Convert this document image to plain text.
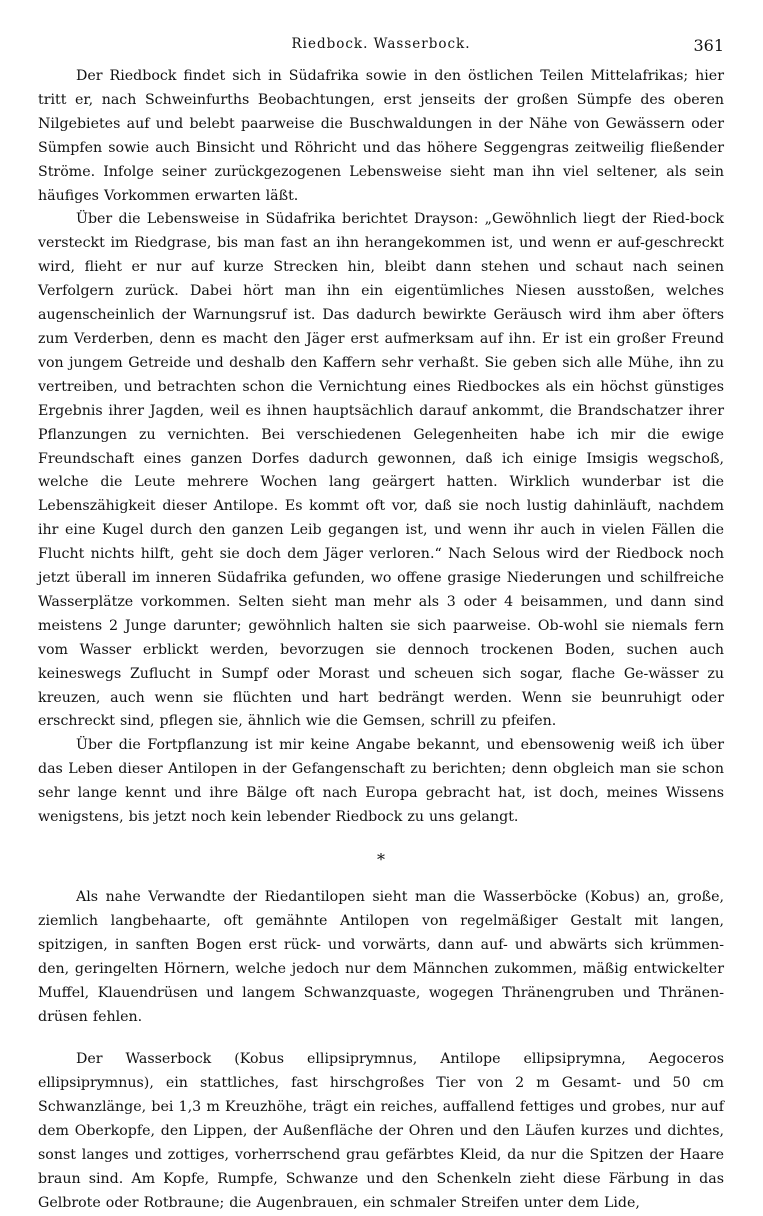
Riedbock. Wasserbock.	361

Der Riedbock findet sich in Südafrika sowie in den östlichen Teilen Mittelafrikas; hier tritt er, nach Schweinfurths Beobachtungen, erst jenseits der großen Sümpfe des oberen Nilgebietes auf und belebt paarweise die Buschwaldungen in der Nähe von Gewässern oder Sümpfen sowie auch Binsicht und Röhricht und das höhere Seggengras zeitweilig fließender Ströme. Infolge seiner zurückgezogenen Lebensweise sieht man ihn viel seltener, als sein häufiges Vorkommen erwarten läßt.

Über die Lebensweise in Südafrika berichtet Drayson: „Gewöhnlich liegt der Ried-bock versteckt im Riedgrase, bis man fast an ihn herangekommen ist, und wenn er auf-geschreckt wird, flieht er nur auf kurze Strecken hin, bleibt dann stehen und schaut nach seinen Verfolgern zurück. Dabei hört man ihn ein eigentümliches Niesen ausstoßen, welches augenscheinlich der Warnungsruf ist. Das dadurch bewirkte Geräusch wird ihm aber öfters zum Verderben, denn es macht den Jäger erst aufmerksam auf ihn. Er ist ein großer Freund von jungem Getreide und deshalb den Kaffern sehr verhaßt. Sie geben sich alle Mühe, ihn zu vertreiben, und betrachten schon die Vernichtung eines Riedbockes als ein höchst günstiges Ergebnis ihrer Jagden, weil es ihnen hauptsächlich darauf ankommt, die Brandschatzer ihrer Pflanzungen zu vernichten. Bei verschiedenen Gelegenheiten habe ich mir die ewige Freundschaft eines ganzen Dorfes dadurch gewonnen, daß ich einige Imsigis wegschoß, welche die Leute mehrere Wochen lang geärgert hatten. Wirklich wunderbar ist die Lebenszähigkeit dieser Antilope. Es kommt oft vor, daß sie noch lustig dahinläuft, nachdem ihr eine Kugel durch den ganzen Leib gegangen ist, und wenn ihr auch in vielen Fällen die Flucht nichts hilft, geht sie doch dem Jäger verloren.“ Nach Selous wird der Riedbock noch jetzt überall im inneren Südafrika gefunden, wo offene grasige Niederungen und schilfreiche Wasserplätze vorkommen. Selten sieht man mehr als 3 oder 4 beisammen, und dann sind meistens 2 Junge darunter; gewöhnlich halten sie sich paarweise. Ob-wohl sie niemals fern vom Wasser erblickt werden, bevorzugen sie dennoch trockenen Boden, suchen auch keineswegs Zuflucht in Sumpf oder Morast und scheuen sich sogar, flache Ge-wässer zu kreuzen, auch wenn sie flüchten und hart bedrängt werden. Wenn sie beunruhigt oder erschreckt sind, pflegen sie, ähnlich wie die Gemsen, schrill zu pfeifen.

Über die Fortpflanzung ist mir keine Angabe bekannt, und ebensowenig weiß ich über das Leben dieser Antilopen in der Gefangenschaft zu berichten; denn obgleich man sie schon sehr lange kennt und ihre Bälge oft nach Europa gebracht hat, ist doch, meines Wissens wenigstens, bis jetzt noch kein lebender Riedbock zu uns gelangt.

*

Als nahe Verwandte der Riedantilopen sieht man die Wasserböcke (Kobus) an, große, ziemlich langbehaarte, oft gemähnte Antilopen von regelmäßiger Gestalt mit langen, spitzigen, in sanften Bogen erst rück- und vorwärts, dann auf- und abwärts sich krümmen-den, geringelten Hörnern, welche jedoch nur dem Männchen zukommen, mäßig entwickelter Muffel, Klauendrüsen und langem Schwanzquaste, wogegen Thränengruben und Thränen-drüsen fehlen.

Der Wasserbock (Kobus ellipsiprymnus, Antilope ellipsiprymna, Aegoceros ellipsiprymnus), ein stattliches, fast hirschgroßes Tier von 2 m Gesamt- und 50 cm Schwanzlänge, bei 1,3 m Kreuzhöhe, trägt ein reiches, auffallend fettiges und grobes, nur auf dem Oberkopfe, den Lippen, der Außenfläche der Ohren und den Läufen kurzes und dichtes, sonst langes und zottiges, vorherrschend grau gefärbtes Kleid, da nur die Spitzen der Haare braun sind. Am Kopfe, Rumpfe, Schwanze und den Schenkeln zieht diese Färbung in das Gelbrote oder Rotbraune; die Augenbrauen, ein schmaler Streifen unter dem Lide,
